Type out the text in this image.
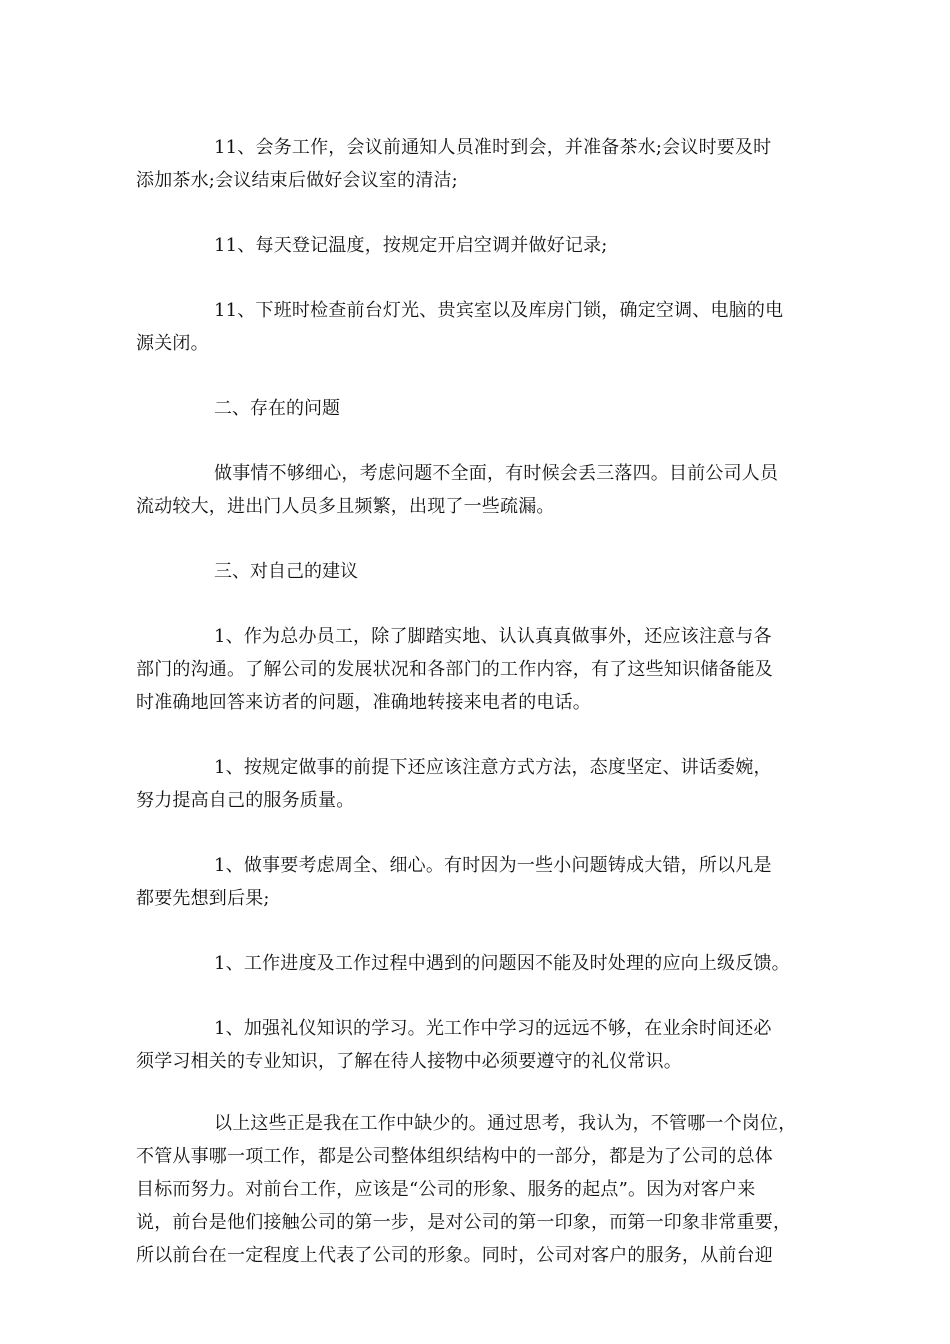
11、会务工作，会议前通知人员准时到会，并准备茶水;会议时要及时
添加茶水;会议结束后做好会议室的清洁;

11、每天登记温度，按规定开启空调并做好记录;

11、下班时检查前台灯光、贵宾室以及库房门锁，确定空调、电脑的电
源关闭。

二、存在的问题

做事情不够细心，考虑问题不全面，有时候会丢三落四。目前公司人员
流动较大，进出门人员多且频繁，出现了一些疏漏。

三、对自己的建议

1、作为总办员工，除了脚踏实地、认认真真做事外，还应该注意与各
部门的沟通。了解公司的发展状况和各部门的工作内容，有了这些知识储备能及
时准确地回答来访者的问题，准确地转接来电者的电话。

1、按规定做事的前提下还应该注意方式方法，态度坚定、讲话委婉，
努力提高自己的服务质量。

1、做事要考虑周全、细心。有时因为一些小问题铸成大错，所以凡是
都要先想到后果;

1、工作进度及工作过程中遇到的问题因不能及时处理的应向上级反馈。

1、加强礼仪知识的学习。光工作中学习的远远不够，在业余时间还必
须学习相关的专业知识，了解在待人接物中必须要遵守的礼仪常识。

以上这些正是我在工作中缺少的。通过思考，我认为，不管哪一个岗位，
不管从事哪一项工作，都是公司整体组织结构中的一部分，都是为了公司的总体
目标而努力。对前台工作，应该是“公司的形象、服务的起点”。因为对客户来
说，前台是他们接触公司的第一步，是对公司的第一印象，而第一印象非常重要，
所以前台在一定程度上代表了公司的形象。同时，公司对客户的服务，从前台迎
